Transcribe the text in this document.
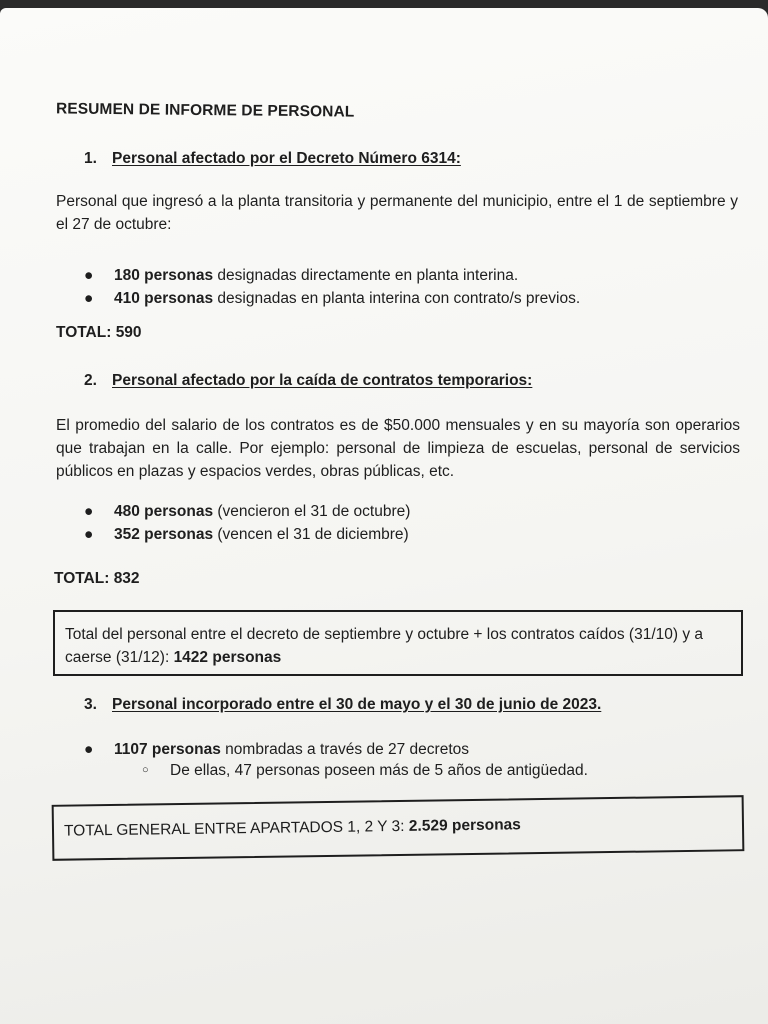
RESUMEN DE INFORME DE PERSONAL
1. Personal afectado por el Decreto Número 6314:
Personal que ingresó a la planta transitoria y permanente del municipio, entre el 1 de septiembre y el 27 de octubre:
● 180 personas designadas directamente en planta interina.
● 410 personas designadas en planta interina con contrato/s previos.
TOTAL: 590
2. Personal afectado por la caída de contratos temporarios:
El promedio del salario de los contratos es de $50.000 mensuales y en su mayoría son operarios que trabajan en la calle. Por ejemplo: personal de limpieza de escuelas, personal de servicios públicos en plazas y espacios verdes, obras públicas, etc.
● 480 personas (vencieron el 31 de octubre)
● 352 personas (vencen el 31 de diciembre)
TOTAL: 832
Total del personal entre el decreto de septiembre y octubre + los contratos caídos (31/10) y a caerse (31/12): 1422 personas
3. Personal incorporado entre el 30 de mayo y el 30 de junio de 2023.
● 1107 personas nombradas a través de 27 decretos
○ De ellas, 47 personas poseen más de 5 años de antigüedad.
TOTAL GENERAL ENTRE APARTADOS 1, 2 Y 3: 2.529 personas
